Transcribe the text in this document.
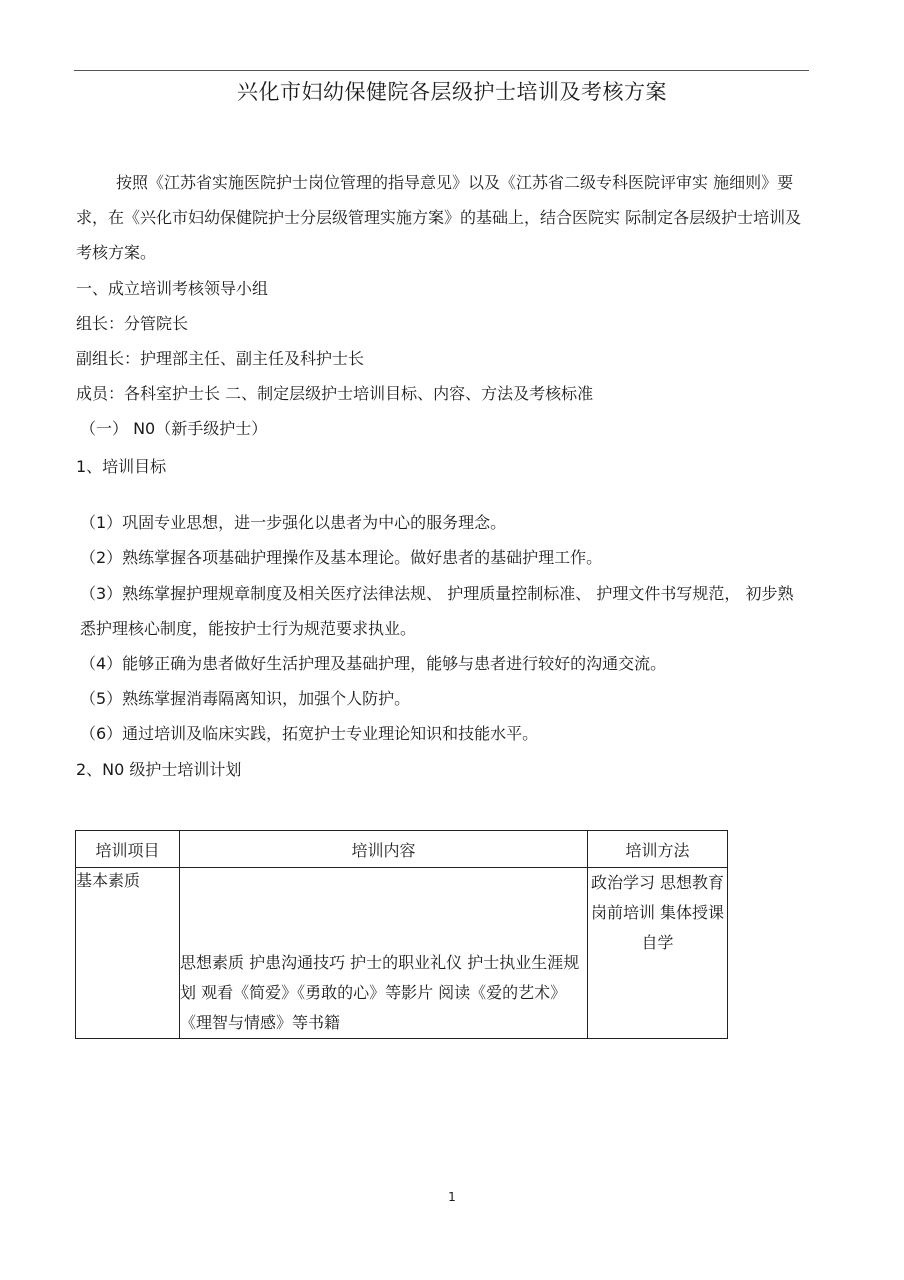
兴化市妇幼保健院各层级护士培训及考核方案
按照《江苏省实施医院护士岗位管理的指导意见》以及《江苏省二级专科医院评审实 施细则》要求，在《兴化市妇幼保健院护士分层级管理实施方案》的基础上，结合医院实 际制定各层级护士培训及考核方案。
一、成立培训考核领导小组
组长：分管院长
副组长：护理部主任、副主任及科护士长
成员：各科室护士长 二、制定层级护士培训目标、内容、方法及考核标准
（一） N0（新手级护士）
1、培训目标
（1）巩固专业思想，进一步强化以患者为中心的服务理念。
（2）熟练掌握各项基础护理操作及基本理论。做好患者的基础护理工作。
（3）熟练掌握护理规章制度及相关医疗法律法规、 护理质量控制标准、 护理文件书写规范， 初步熟悉护理核心制度，能按护士行为规范要求执业。
（4）能够正确为患者做好生活护理及基础护理，能够与患者进行较好的沟通交流。
（5）熟练掌握消毒隔离知识，加强个人防护。
（6）通过培训及临床实践，拓宽护士专业理论知识和技能水平。
2、N0 级护士培训计划
培训项目	培训内容	培训方法
基本素质	思想素质 护患沟通技巧 护士的职业礼仪 护士执业生涯规划 观看《简爱》《勇敢的心》等影片 阅读《爱的艺术》《理智与情感》等书籍	政治学习 思想教育 岗前培训 集体授课 自学
1
